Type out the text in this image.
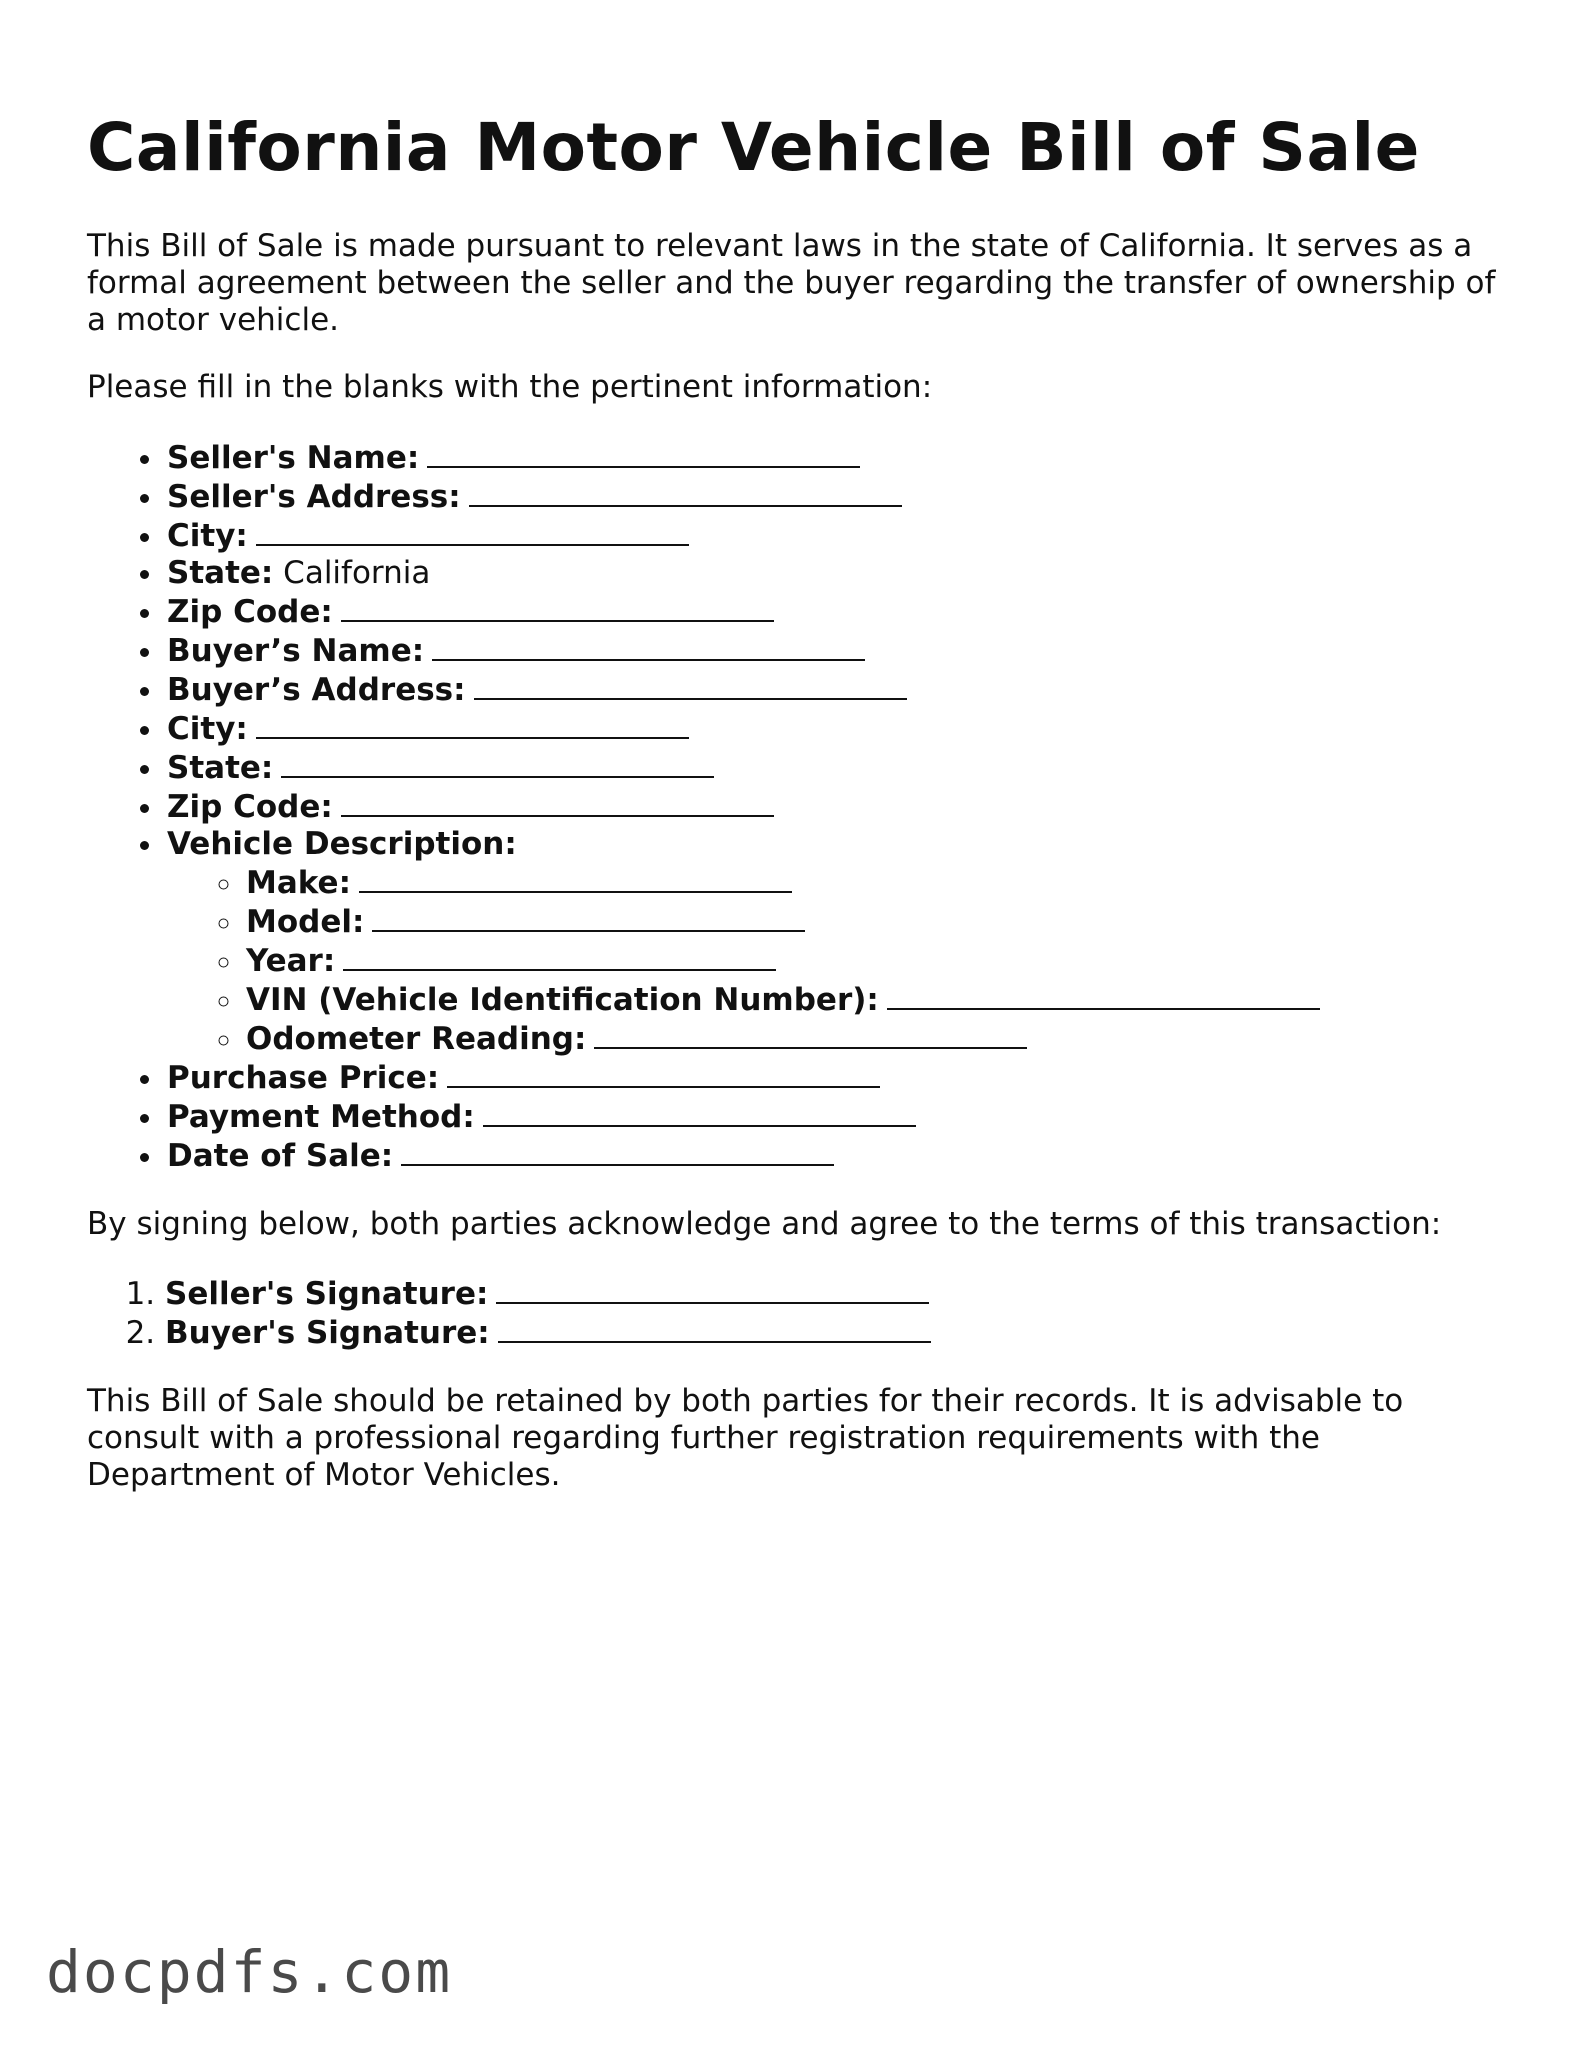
California Motor Vehicle Bill of Sale

This Bill of Sale is made pursuant to relevant laws in the state of California. It serves as a formal agreement between the seller and the buyer regarding the transfer of ownership of a motor vehicle.

Please fill in the blanks with the pertinent information:

• Seller's Name:
• Seller's Address:
• City:
• State: California
• Zip Code:
• Buyer’s Name:
• Buyer’s Address:
• City:
• State:
• Zip Code:
• Vehicle Description:
◦ Make:
◦ Model:
◦ Year:
◦ VIN (Vehicle Identification Number):
◦ Odometer Reading:
• Purchase Price:
• Payment Method:
• Date of Sale:

By signing below, both parties acknowledge and agree to the terms of this transaction:

1. Seller's Signature:
2. Buyer's Signature:

This Bill of Sale should be retained by both parties for their records. It is advisable to consult with a professional regarding further registration requirements with the Department of Motor Vehicles.

docpdfs.com
